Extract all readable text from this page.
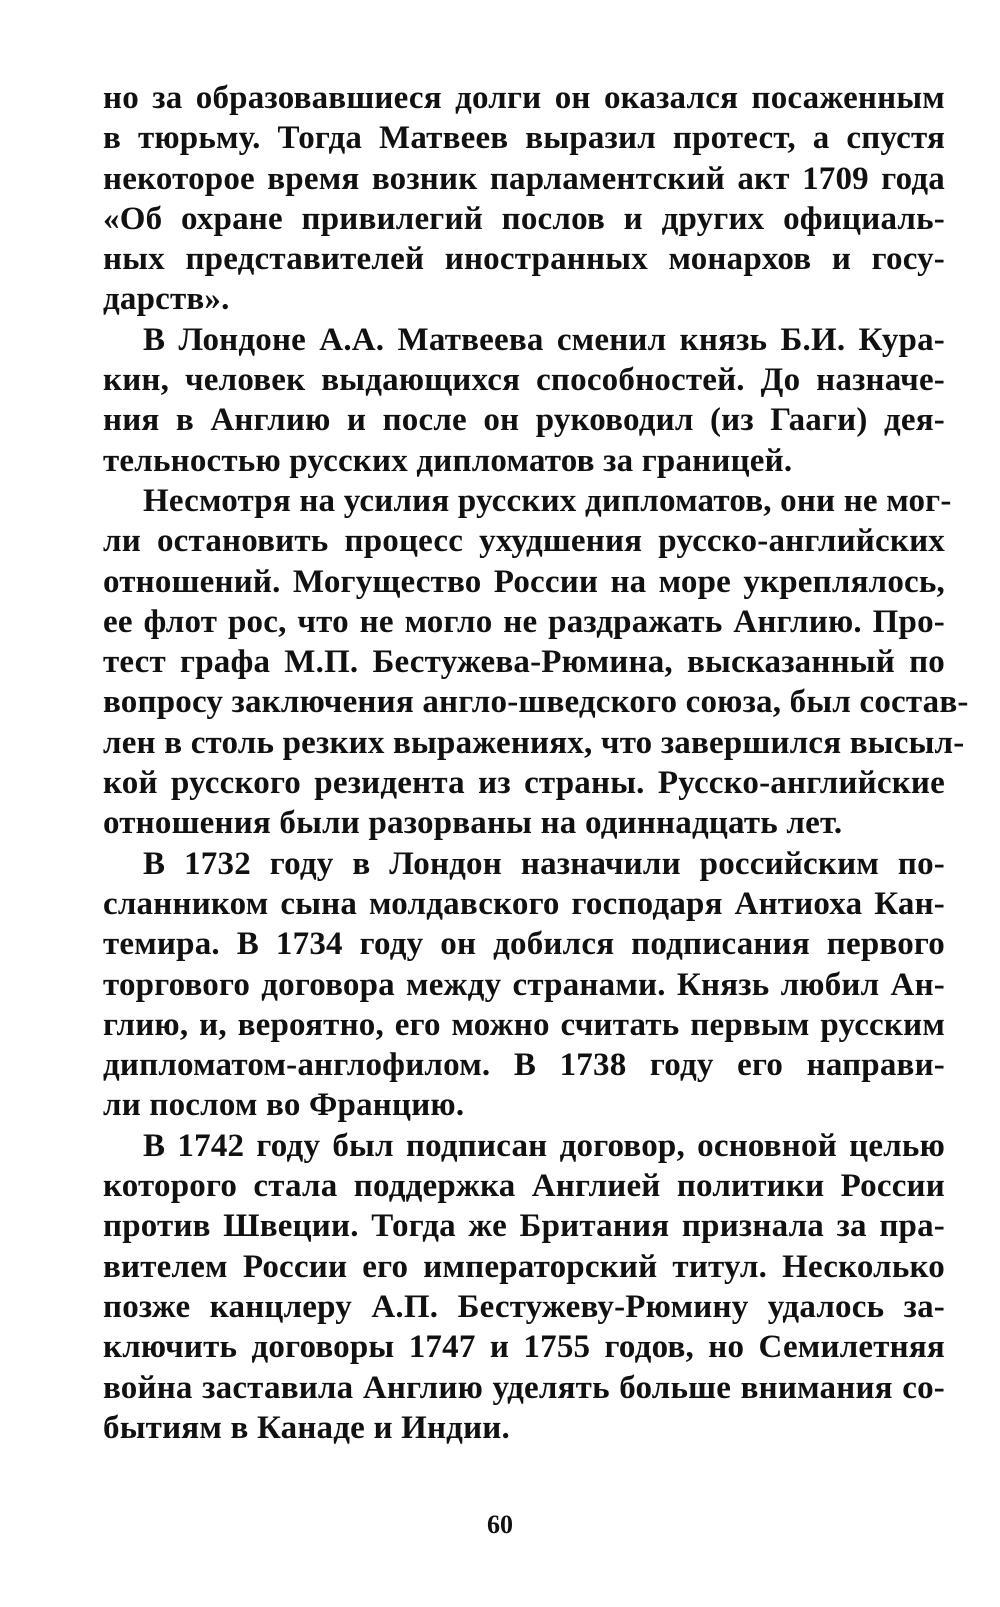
но за образовавшиеся долги он оказался посаженным
в тюрьму. Тогда Матвеев выразил протест, а спустя
некоторое время возник парламентский акт 1709 года
«Об охране привилегий послов и других официаль-
ных представителей иностранных монархов и госу-
дарств».
В Лондоне А.А. Матвеева сменил князь Б.И. Кура-
кин, человек выдающихся способностей. До назначе-
ния в Англию и после он руководил (из Гааги) дея-
тельностью русских дипломатов за границей.
Несмотря на усилия русских дипломатов, они не мог-
ли остановить процесс ухудшения русско-английских
отношений. Могущество России на море укреплялось,
ее флот рос, что не могло не раздражать Англию. Про-
тест графа М.П. Бестужева-Рюмина, высказанный по
вопросу заключения англо-шведского союза, был состав-
лен в столь резких выражениях, что завершился высыл-
кой русского резидента из страны. Русско-английские
отношения были разорваны на одиннадцать лет.
В 1732 году в Лондон назначили российским по-
сланником сына молдавского господаря Антиоха Кан-
темира. В 1734 году он добился подписания первого
торгового договора между странами. Князь любил Ан-
глию, и, вероятно, его можно считать первым русским
дипломатом-англофилом. В 1738 году его направи-
ли послом во Францию.
В 1742 году был подписан договор, основной целью
которого стала поддержка Англией политики России
против Швеции. Тогда же Британия признала за пра-
вителем России его императорский титул. Несколько
позже канцлеру А.П. Бестужеву-Рюмину удалось за-
ключить договоры 1747 и 1755 годов, но Семилетняя
война заставила Англию уделять больше внимания со-
бытиям в Канаде и Индии.
60
